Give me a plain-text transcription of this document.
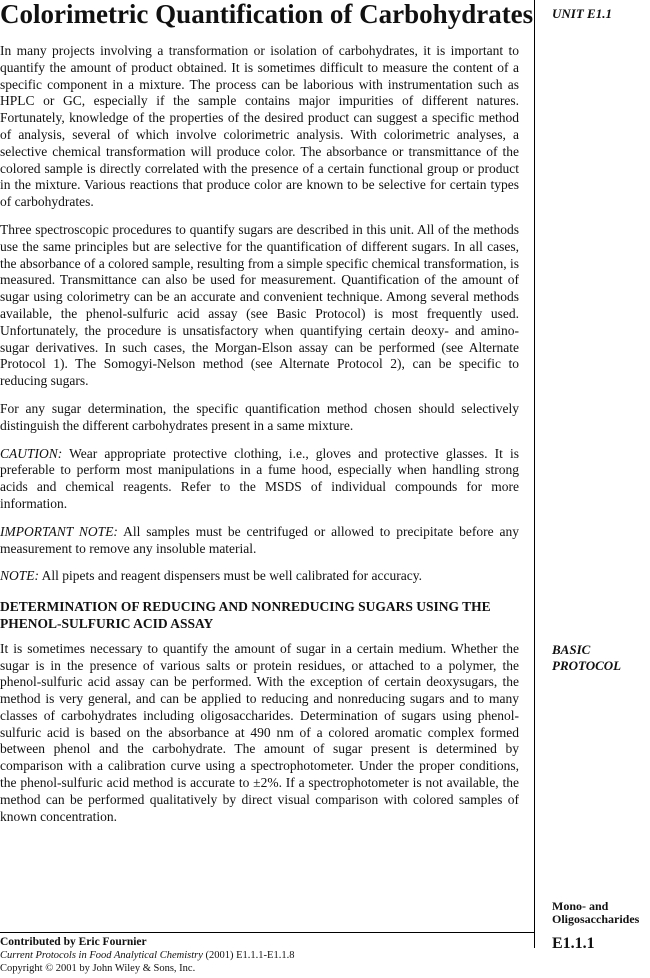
Colorimetric Quantification of Carbohydrates UNIT E1.1

BASIC
PROTOCOL
Mono- and
Oligosaccharides

E1.1.1

In many projects involving a transformation or isolation of carbohydrates, it is important to quantify the amount of product obtained. It is sometimes difficult to measure the content of a specific component in a mixture. The process can be laborious with instrumentation such as HPLC or GC, especially if the sample contains major impurities of different natures. Fortunately, knowledge of the properties of the desired product can suggest a specific method of analysis, several of which involve colorimetric analysis. With colorimetric analyses, a selective chemical transformation will produce color. The absorbance or transmittance of the colored sample is directly correlated with the presence of a certain functional group or product in the mixture. Various reactions that produce color are known to be selective for certain types of carbohydrates.

Three spectroscopic procedures to quantify sugars are described in this unit. All of the methods use the same principles but are selective for the quantification of different sugars. In all cases, the absorbance of a colored sample, resulting from a simple specific chemical transformation, is measured. Transmittance can also be used for measurement. Quantification of the amount of sugar using colorimetry can be an accurate and convenient technique. Among several methods available, the phenol-sulfuric acid assay (see Basic Protocol) is most frequently used. Unfortunately, the procedure is unsatisfactory when quantifying certain deoxy- and amino-sugar derivatives. In such cases, the Morgan-Elson assay can be performed (see Alternate Protocol 1). The Somogyi-Nelson method (see Alternate Protocol 2), can be specific to reducing sugars.

For any sugar determination, the specific quantification method chosen should selectively distinguish the different carbohydrates present in a same mixture.

CAUTION: Wear appropriate protective clothing, i.e., gloves and protective glasses. It is preferable to perform most manipulations in a fume hood, especially when handling strong acids and chemical reagents. Refer to the MSDS of individual compounds for more information.

IMPORTANT NOTE: All samples must be centrifuged or allowed to precipitate before any measurement to remove any insoluble material.

NOTE: All pipets and reagent dispensers must be well calibrated for accuracy.

DETERMINATION OF REDUCING AND NONREDUCING SUGARS USING THE PHENOL-SULFURIC ACID ASSAY

It is sometimes necessary to quantify the amount of sugar in a certain medium. Whether the sugar is in the presence of various salts or protein residues, or attached to a polymer, the phenol-sulfuric acid assay can be performed. With the exception of certain deoxysugars, the method is very general, and can be applied to reducing and nonreducing sugars and to many classes of carbohydrates including oligosaccharides. Determination of sugars using phenol-sulfuric acid is based on the absorbance at 490 nm of a colored aromatic complex formed between phenol and the carbohydrate. The amount of sugar present is determined by comparison with a calibration curve using a spectrophotometer. Under the proper conditions, the phenol-sulfuric acid method is accurate to ±2%. If a spectrophotometer is not available, the method can be performed qualitatively by direct visual comparison with colored samples of known concentration.

Contributed by Eric Fournier
Current Protocols in Food Analytical Chemistry (2001) E1.1.1-E1.1.8
Copyright © 2001 by John Wiley & Sons, Inc.
